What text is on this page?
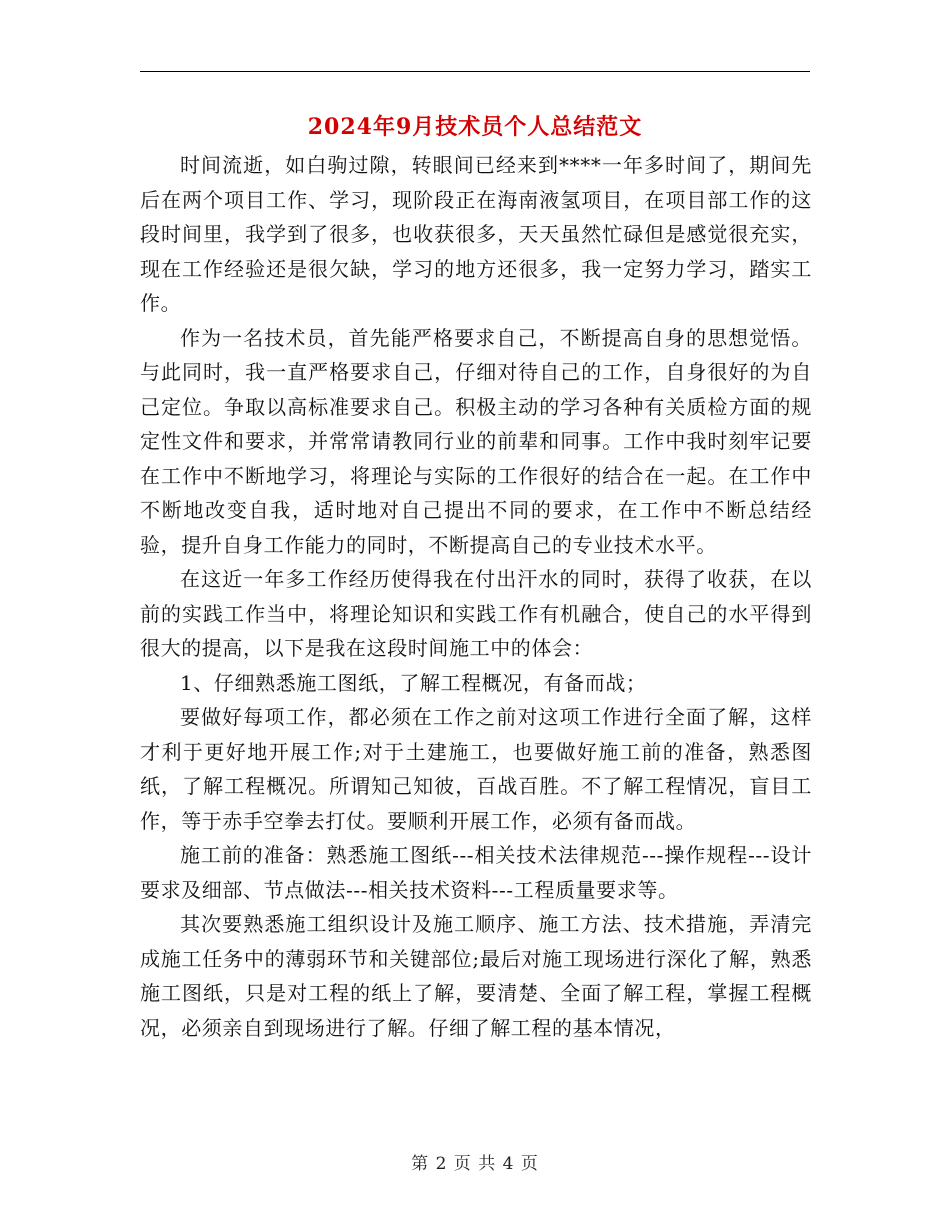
2024年9月技术员个人总结范文

时间流逝，如白驹过隙，转眼间已经来到****一年多时间了，期间先后在两个项目工作、学习，现阶段正在海南液氢项目，在项目部工作的这段时间里，我学到了很多，也收获很多，天天虽然忙碌但是感觉很充实，现在工作经验还是很欠缺，学习的地方还很多，我一定努力学习，踏实工作。

作为一名技术员，首先能严格要求自己，不断提高自身的思想觉悟。与此同时，我一直严格要求自己，仔细对待自己的工作，自身很好的为自己定位。争取以高标准要求自己。积极主动的学习各种有关质检方面的规定性文件和要求，并常常请教同行业的前辈和同事。工作中我时刻牢记要在工作中不断地学习，将理论与实际的工作很好的结合在一起。在工作中不断地改变自我，适时地对自己提出不同的要求，在工作中不断总结经验，提升自身工作能力的同时，不断提高自己的专业技术水平。

在这近一年多工作经历使得我在付出汗水的同时，获得了收获，在以前的实践工作当中，将理论知识和实践工作有机融合，使自己的水平得到很大的提高，以下是我在这段时间施工中的体会：

1、仔细熟悉施工图纸，了解工程概况，有备而战；

要做好每项工作，都必须在工作之前对这项工作进行全面了解，这样才利于更好地开展工作;对于土建施工，也要做好施工前的准备，熟悉图纸，了解工程概况。所谓知己知彼，百战百胜。不了解工程情况，盲目工作，等于赤手空拳去打仗。要顺利开展工作，必须有备而战。

施工前的准备：熟悉施工图纸---相关技术法律规范---操作规程---设计要求及细部、节点做法---相关技术资料---工程质量要求等。

其次要熟悉施工组织设计及施工顺序、施工方法、技术措施，弄清完成施工任务中的薄弱环节和关键部位;最后对施工现场进行深化了解，熟悉施工图纸，只是对工程的纸上了解，要清楚、全面了解工程，掌握工程概况，必须亲自到现场进行了解。仔细了解工程的基本情况，

第 2 页 共 4 页
